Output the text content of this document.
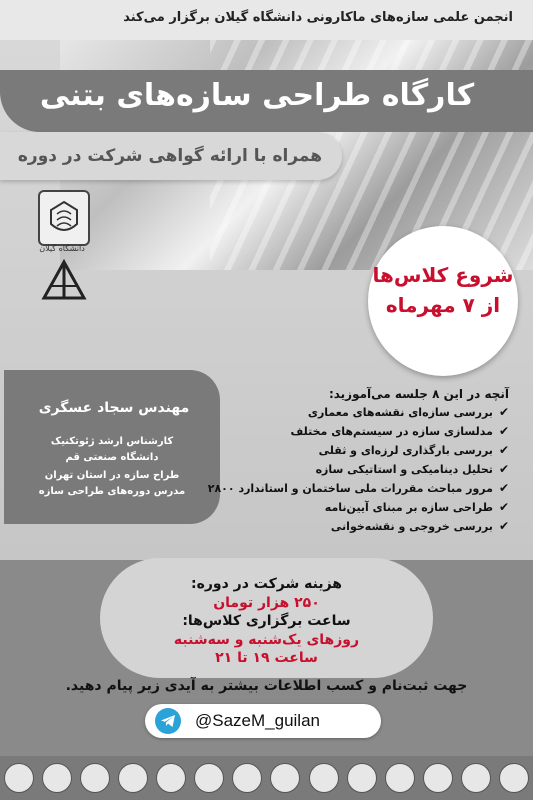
انجمن علمی سازه‌های ماکارونی دانشگاه گیلان برگزار می‌کند
کارگاه طراحی سازه‌های بتنی
همراه با ارائه گواهی شرکت در دوره
دانشگاه گیلان
شروع کلاس‌ها
از ۷ مهرماه
مهندس سجاد عسگری
کارشناس ارشد ژئوتکنیک
دانشگاه صنعتی قم
طراح سازه در استان تهران
مدرس دوره‌های طراحی سازه
آنچه در این ۸ جلسه می‌آموزید:
✔
بررسی سازه‌ای نقشه‌های معماری
✔
مدلسازی سازه در سیستم‌های مختلف
✔
بررسی بارگذاری لرزه‌ای و ثقلی
✔
تحلیل دینامیکی و استاتیکی سازه
✔
مرور مباحث مقررات ملی ساختمان و استاندارد ۲۸۰۰
✔
طراحی سازه بر مبنای آیین‌نامه
✔
بررسی خروجی و نقشه‌خوانی
هزینه شرکت در دوره:
۲۵۰ هزار تومان
ساعت برگزاری کلاس‌ها:
روزهای یک‌شنبه و سه‌شنبه
ساعت ۱۹ تا ۲۱
جهت ثبت‌نام و کسب اطلاعات بیشتر به آیدی زیر پیام دهید.
@SazeM_guilan
